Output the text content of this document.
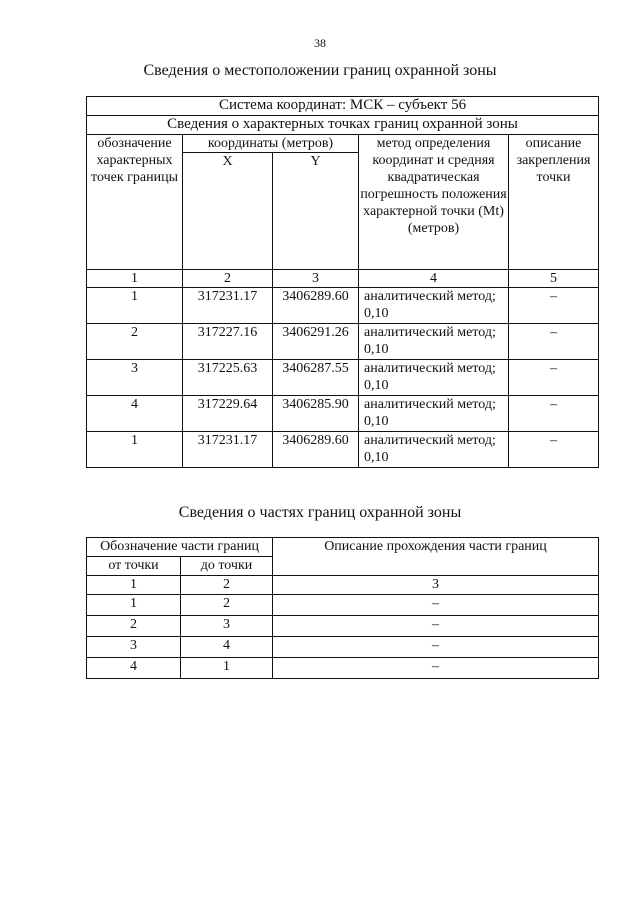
38
Сведения о местоположении границ охранной зоны
Система координат: МСК – субъект 56				
Сведения о характерных точках границ охранной зоны				
обозначение характерных точек границы	координаты (метров)		метод определения координат и средняя квадратическая погрешность положения характерной точки (Mt) (метров)	описание закрепления точки
	X	Y		
1	2	3	4	5
1	317231.17	3406289.60	аналитический метод; 0,10	–
2	317227.16	3406291.26	аналитический метод; 0,10	–
3	317225.63	3406287.55	аналитический метод; 0,10	–
4	317229.64	3406285.90	аналитический метод; 0,10	–
1	317231.17	3406289.60	аналитический метод; 0,10	–
Сведения о частях границ охранной зоны
Обозначение части границ		Описание прохождения части границ
от точки	до точки	
1	2	3
1	2	–
2	3	–
3	4	–
4	1	–
